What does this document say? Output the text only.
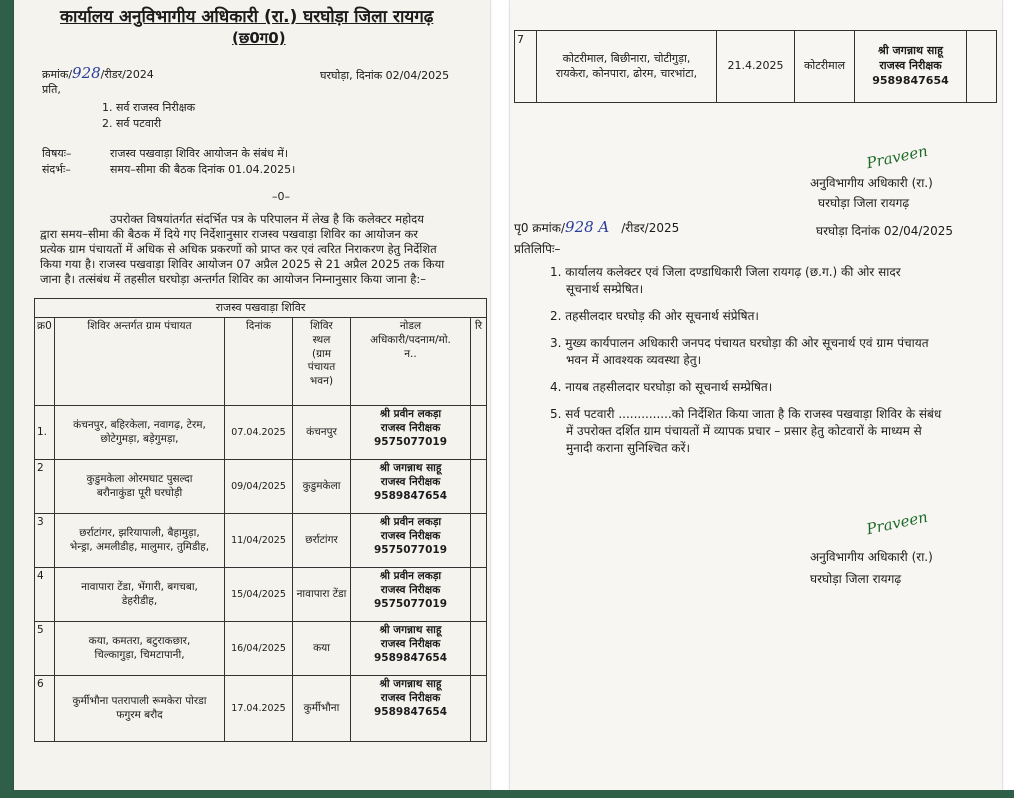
कार्यालय अनुविभागीय अधिकारी (रा.) घरघोड़ा जिला रायगढ़
(छ0ग0)
क्रमांक/928/रीडर/2024	घरघोड़ा, दिनांक 02/04/2025
प्रति,
1. सर्व राजस्व निरीक्षक
2. सर्व पटवारी
विषयः–	राजस्व पखवाड़ा शिविर आयोजन के संबंध में।
संदर्भः–	समय–सीमा की बैठक दिनांक 01.04.2025।
–0–
उपरोक्त विषयांतर्गत संदर्भित पत्र के परिपालन में लेख है कि कलेक्टर महोदय
द्वारा समय–सीमा की बैठक में दिये गए निर्देशानुसार राजस्व पखवाड़ा शिविर का आयोजन कर
प्रत्येक ग्राम पंचायतों में अधिक से अधिक प्रकरणों को प्राप्त कर एवं त्वरित निराकरण हेतु निर्देशित
किया गया है। राजस्व पखवाड़ा शिविर आयोजन 07 अप्रैल 2025 से 21 अप्रैल 2025 तक किया
जाना है। तत्संबंध में तहसील घरघोड़ा अन्तर्गत शिविर का आयोजन निम्नानुसार किया जाना है:–
राजस्व पखवाड़ा शिविर					
क्र0	शिविर अन्तर्गत ग्राम पंचायत	दिनांक	शिविर
स्थल
(ग्राम
पंचायत
भवन)	नोडल
अधिकारी/पदनाम/मो.
न..	रि
1.	कंचनपुर, बहिरकेला, नवागढ़, टेरम,
छोटेगुमड़ा, बड़ेगुमड़ा,	07.04.2025	कंचनपुर	श्री प्रवीन लकड़ा
राजस्व निरीक्षक
9575077019	

2	कुडुमकेला ओरमघाट पुसल्दा
बरौनाकुंडा पूरी घरघोड़ी	09/04/2025	कुडुमकेला	श्री जगन्नाथ साहू
राजस्व निरीक्षक
9589847654	

3	छर्राटांगर, झरियापाली, बैहामुड़ा,
भेन्ड्रा, अमलीडीह, मालुमार, तुमिडीह,	11/04/2025	छर्राटांगर	श्री प्रवीन लकड़ा
राजस्व निरीक्षक
9575077019	

4	नावापारा टेंडा, भेंगारी, बगचबा,
डेहरीडीह,	15/04/2025	नावापारा टेंडा	श्री प्रवीन लकड़ा
राजस्व निरीक्षक
9575077019	

5	कया, कमतरा, बटुराकछार,
चिल्कागुड़ा, चिमटापानी,	16/04/2025	कया	श्री जगन्नाथ साहू
राजस्व निरीक्षक
9589847654	

6	कुर्मीभौना पतरापाली रूमकेरा पोरडा
फगुरम बरौद	17.04.2025	कुर्मीभौना	श्री जगन्नाथ साहू
राजस्व निरीक्षक
9589847654	

7	
कोटरीमाल, बिछीनारा, चोटीगुड़ा,
रायकेरा, कोनपारा, ढोरम, चारभांटा,
	21.4.2025	कोटरीमाल	
श्री जगन्नाथ साहू
राजस्व निरीक्षक
9589847654

Praveen
अनुविभागीय अधिकारी (रा.)
घरघोड़ा जिला रायगढ़
घरघोड़ा दिनांक 02/04/2025
पृ0 क्रमांक/928 A /रीडर/2025
प्रतिलिपिः–
1. कार्यालय कलेक्टर एवं जिला दण्डाधिकारी जिला रायगढ़ (छ.ग.) की ओर सादर
सूचनार्थ सम्प्रेषित।
2. तहसीलदार घरघोड़ की ओर सूचनार्थ संप्रेषित।
3. मुख्य कार्यपालन अधिकारी जनपद पंचायत घरघोड़ा की ओर सूचनार्थ एवं ग्राम पंचायत
भवन में आवश्यक व्यवस्था हेतु।
4. नायब तहसीलदार घरघोड़ा को सूचनार्थ सम्प्रेषित।
5. सर्व पटवारी ..............को निर्देशित किया जाता है कि राजस्व पखवाड़ा शिविर के संबंध
में उपरोक्त दर्शित ग्राम पंचायतों में व्यापक प्रचार – प्रसार हेतु कोटवारों के माध्यम से
मुनादी कराना सुनिश्चित करें।
Praveen
अनुविभागीय अधिकारी (रा.)
घरघोड़ा जिला रायगढ़
